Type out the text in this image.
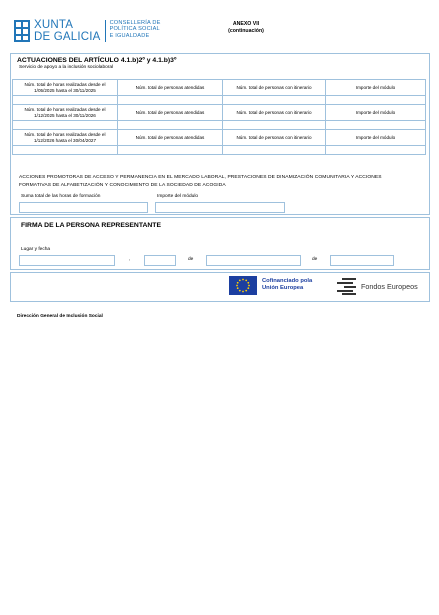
XUNTA
DE GALICIA
CONSELLERÍA DE
POLÍTICA SOCIAL
E IGUALDADE
ANEXO VII
(continuación)
ACTUACIONES DEL ARTÍCULO 4.1.b)2º y 4.1.b)3º
Servicio de apoyo a la inclusión sociolaboral
Núm. total de horas realizadas desde el 1/05/2025 hasta el 30/11/2025	Núm. total de personas atendidas	Núm. total de personas con itinerario	Importe del módulo

Núm. total de horas realizadas desde el 1/12/2025 hasta el 30/11/2026	Núm. total de personas atendidas	Núm. total de personas con itinerario	Importe del módulo

Núm. total de horas realizadas desde el 1/12/2026 hasta el 30/04/2027	Núm. total de personas atendidas	Núm. total de personas con itinerario	Importe del módulo

ACCIONES PROMOTORAS DE ACCESO Y PERMANENCIA EN EL MERCADO LABORAL, PRESTACIONES DE DINAMIZACIÓN COMUNITARIA Y ACCIONES
FORMATIVAS DE ALFABETIZACIÓN Y CONOCIMIENTO DE LA SOCIEDAD DE ACOGIDA
Suma total de las horas de formación	Importe del módulo
FIRMA DE LA PERSONA REPRESENTANTE
Lugar y fecha
,	de	de
Cofinanciado pola
Unión Europea	Fondos Europeos
Dirección General de Inclusión Social
